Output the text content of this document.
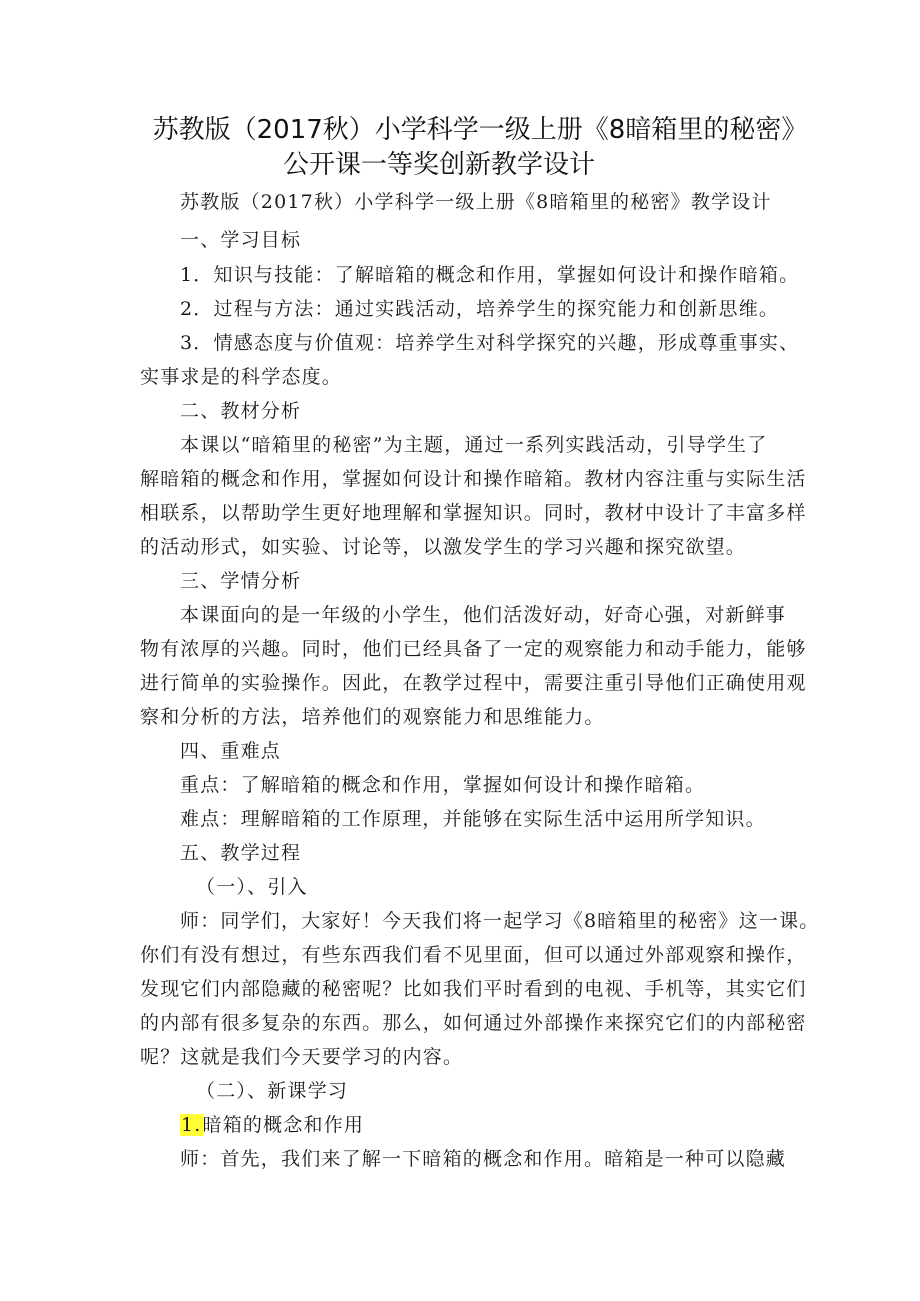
苏教版（2017秋）小学科学一级上册《8暗箱里的秘密》
公开课一等奖创新教学设计
苏教版（2017秋）小学科学一级上册《8暗箱里的秘密》教学设计
一、学习目标
1．知识与技能：了解暗箱的概念和作用，掌握如何设计和操作暗箱。
2．过程与方法：通过实践活动，培养学生的探究能力和创新思维。
3．情感态度与价值观：培养学生对科学探究的兴趣，形成尊重事实、
实事求是的科学态度。
二、教材分析
本课以“暗箱里的秘密”为主题，通过一系列实践活动，引导学生了
解暗箱的概念和作用，掌握如何设计和操作暗箱。教材内容注重与实际生活
相联系，以帮助学生更好地理解和掌握知识。同时，教材中设计了丰富多样
的活动形式，如实验、讨论等，以激发学生的学习兴趣和探究欲望。
三、学情分析
本课面向的是一年级的小学生，他们活泼好动，好奇心强，对新鲜事
物有浓厚的兴趣。同时，他们已经具备了一定的观察能力和动手能力，能够
进行简单的实验操作。因此，在教学过程中，需要注重引导他们正确使用观
察和分析的方法，培养他们的观察能力和思维能力。
四、重难点
重点：了解暗箱的概念和作用，掌握如何设计和操作暗箱。
难点：理解暗箱的工作原理，并能够在实际生活中运用所学知识。
五、教学过程
（一）、引入
师：同学们，大家好！今天我们将一起学习《8暗箱里的秘密》这一课。
你们有没有想过，有些东西我们看不见里面，但可以通过外部观察和操作，
发现它们内部隐藏的秘密呢？比如我们平时看到的电视、手机等，其实它们
的内部有很多复杂的东西。那么，如何通过外部操作来探究它们的内部秘密
呢？这就是我们今天要学习的内容。
（二）、新课学习
1.暗箱的概念和作用
师：首先，我们来了解一下暗箱的概念和作用。暗箱是一种可以隐藏
